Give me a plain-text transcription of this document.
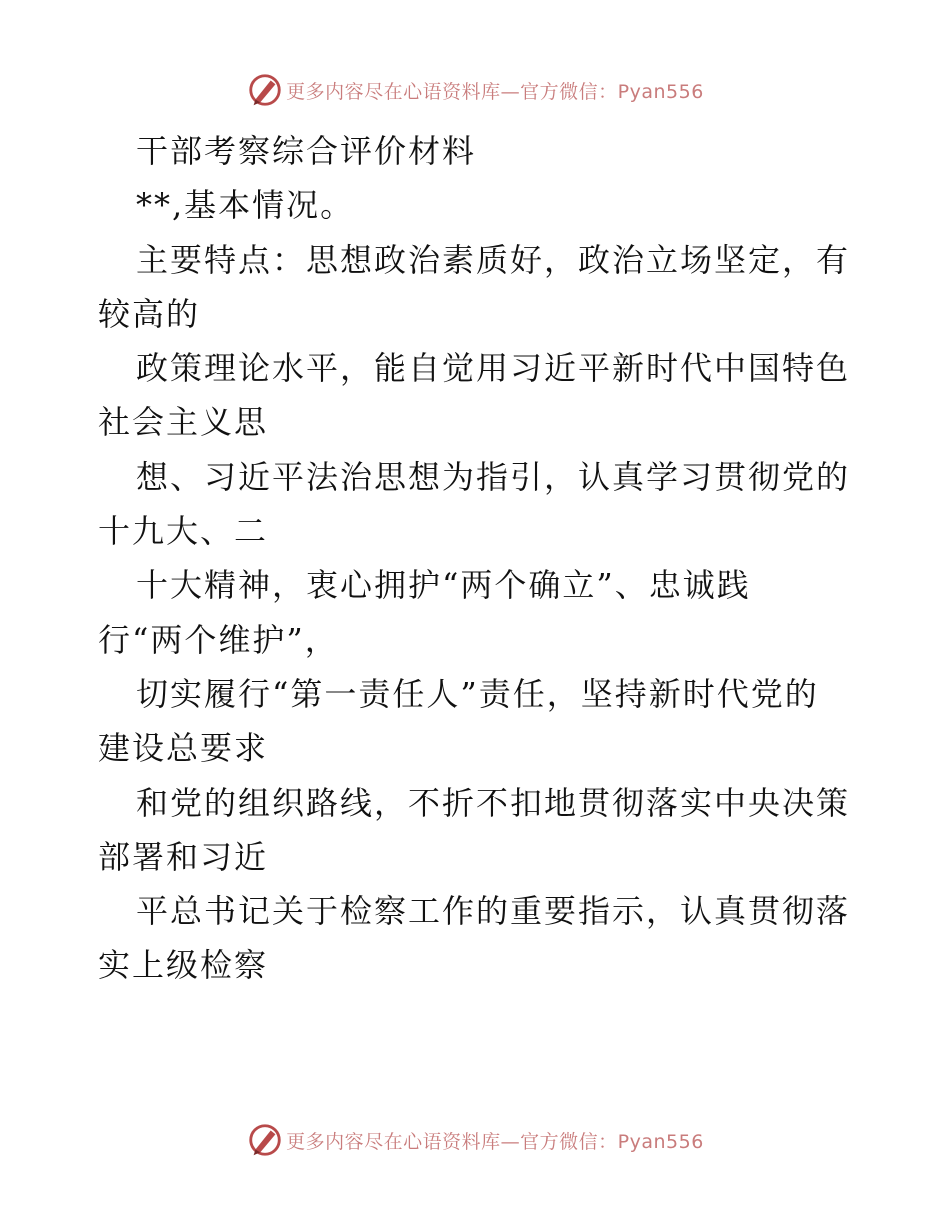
更多内容尽在心语资料库—官方微信：Pyan556
干部考察综合评价材料
**,基本情况。
主要特点：思想政治素质好，政治立场坚定，有
较高的
政策理论水平，能自觉用习近平新时代中国特色
社会主义思
想、习近平法治思想为指引，认真学习贯彻党的
十九大、二
十大精神，衷心拥护“两个确立”、忠诚践
行“两个维护”，
切实履行“第一责任人”责任，坚持新时代党的
建设总要求
和党的组织路线，不折不扣地贯彻落实中央决策
部署和习近
平总书记关于检察工作的重要指示，认真贯彻落
实上级检察
更多内容尽在心语资料库—官方微信：Pyan556
